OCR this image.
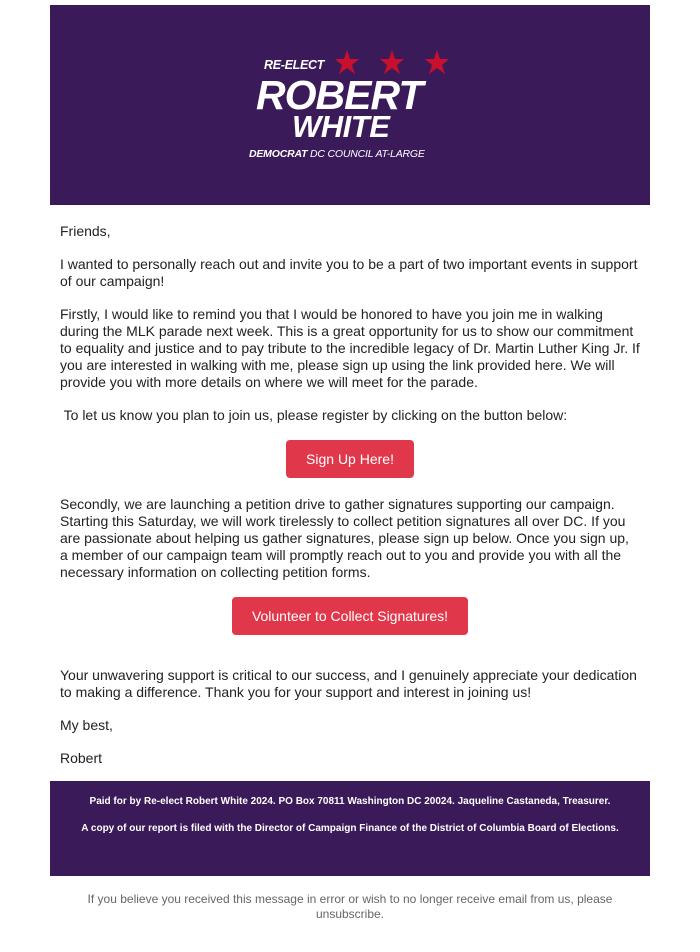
RE-ELECT
ROBERT
WHITE
DEMOCRAT DC COUNCIL AT-LARGE

Friends,

I wanted to personally reach out and invite you to be a part of two important events in support of our campaign!

Firstly, I would like to remind you that I would be honored to have you join me in walking during the MLK parade next week. This is a great opportunity for us to show our commitment to equality and justice and to pay tribute to the incredible legacy of Dr. Martin Luther King Jr. If you are interested in walking with me, please sign up using the link provided here. We will provide you with more details on where we will meet for the parade.

To let us know you plan to join us, please register by clicking on the button below:

Sign Up Here!

Secondly, we are launching a petition drive to gather signatures supporting our campaign. Starting this Saturday, we will work tirelessly to collect petition signatures all over DC. If you are passionate about helping us gather signatures, please sign up below. Once you sign up, a member of our campaign team will promptly reach out to you and provide you with all the necessary information on collecting petition forms.

Volunteer to Collect Signatures!

Your unwavering support is critical to our success, and I genuinely appreciate your dedication to making a difference. Thank you for your support and interest in joining us!

My best,

Robert

Paid for by Re-elect Robert White 2024. PO Box 70811 Washington DC 20024. Jaqueline Castaneda, Treasurer.

A copy of our report is filed with the Director of Campaign Finance of the District of Columbia Board of Elections.

If you believe you received this message in error or wish to no longer receive email from us, please unsubscribe.
